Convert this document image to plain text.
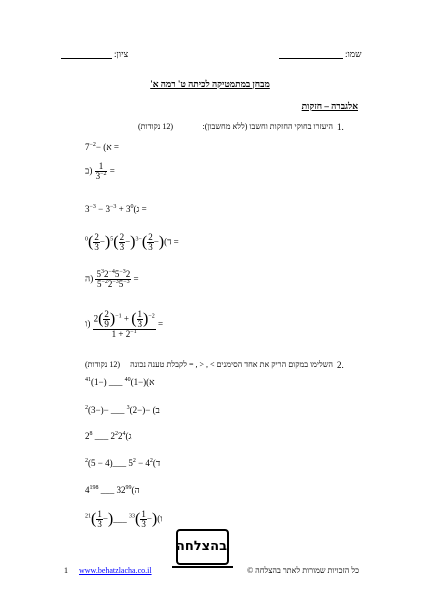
שמו:
ציון:
מבחן במתמטיקה לכיתה ט' רמה א'
אלגברה – חזקות
1.
היעזרו בחוקי החזקות וחשבו (ללא מחשבון):
(12 נקודות)
א) $-7^{-2}$ =
ב) $\frac{1}{3^{-2}}$ =
$ג)3^0 + 3^{-3} - 3^{-3}$	=
ד)(−
$\frac{2}{3}$
)$^{-3}$(−
$\frac{2}{3}$
)$^5$(−
$\frac{2}{3}$
)$^0$	=
ה) $\frac{5^32^{-4}5^{-3}2}{5^{-2}2^{-3}5^{-3}}$ =
ו) $\frac{2( \frac{2}{9} )^{-1} + ( \frac{1}{3} )^{-2}}{1 + 2^{-1}}$ =
2.
השלימו במקום הריק את אחד הסימנים > , < , = לקבלת טענה נכונה
(12 נקודות)
$א)(-1)^{40}$ ___ $(-1)^{41}$
ב) $-(-2)^3$ ___ $-(-3)^2$
$ג)2^22^4$ ___ $2^8$
$ד)4^2 - 5^2$ ___(4 − 5)$^2$
$ה)32^{99}$ ___ $4^{198}$
ו)(−
$\frac{1}{3}$
)$^{33}$ ___(−
$\frac{1}{3}$
)$^{21}$
בהצלחה
1 www.behatzlacha.co.il	כל הזכויות שמורות לאתר בהצלחה ©
